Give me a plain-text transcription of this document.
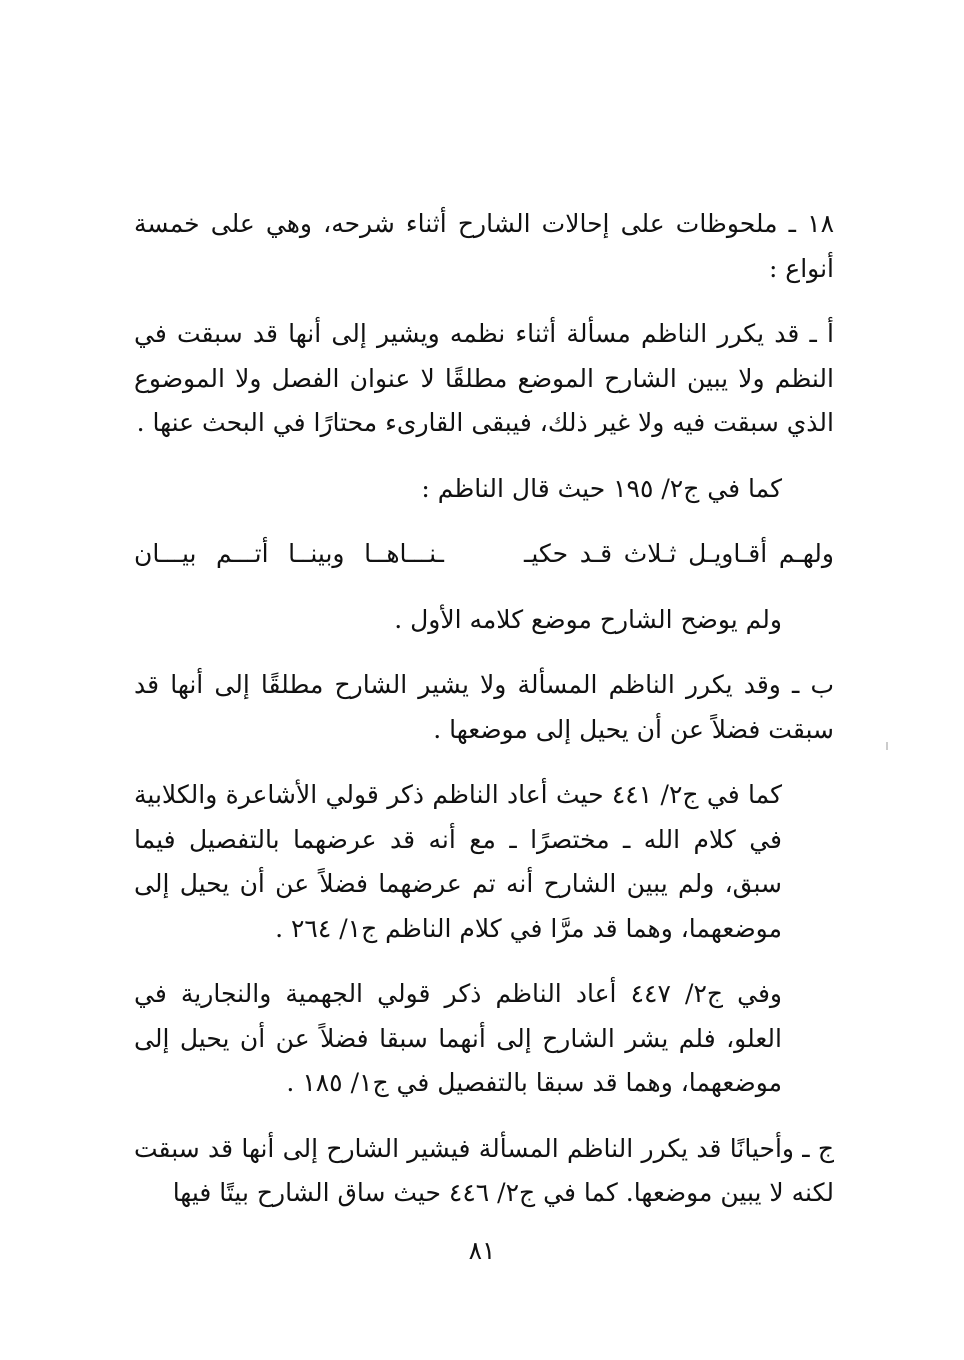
١٨ ـ ملحوظات على إحالات الشارح أثناء شرحه، وهي على خمسة أنواع :

أ ـ قد يكرر الناظم مسألة أثناء نظمه ويشير إلى أنها قد سبقت في النظم ولا يبين الشارح الموضع مطلقًا لا عنوان الفصل ولا الموضوع الذي سبقت فيه ولا غير ذلك، فيبقى القارىء محتارًا في البحث عنها .

كما في ج٢/ ١٩٥ حيث قال الناظم :

ولهـم أقـاويـل ثـلاث قـد حكيـ
ـنـــاهــا وبينــا أتـــم بيـــان

ولم يوضح الشارح موضع كلامه الأول .

ب ـ وقد يكرر الناظم المسألة ولا يشير الشارح مطلقًا إلى أنها قد سبقت فضلاً عن أن يحيل إلى موضعها .

كما في ج٢/ ٤٤١ حيث أعاد الناظم ذكر قولي الأشاعرة والكلابية في كلام الله ـ مختصرًا ـ مع أنه قد عرضهما بالتفصيل فيما سبق، ولم يبين الشارح أنه تم عرضهما فضلاً عن أن يحيل إلى موضعهما، وهما قد مرَّا في كلام الناظم ج١/ ٢٦٤ .

وفي ج٢/ ٤٤٧ أعاد الناظم ذكر قولي الجهمية والنجارية في العلو، فلم يشر الشارح إلى أنهما سبقا فضلاً عن أن يحيل إلى موضعهما، وهما قد سبقا بالتفصيل في ج١/ ١٨٥ .

ج ـ وأحيانًا قد يكرر الناظم المسألة فيشير الشارح إلى أنها قد سبقت لكنه لا يبين موضعها. كما في ج٢/ ٤٤٦ حيث ساق الشارح بيتًا فيها

٨١
